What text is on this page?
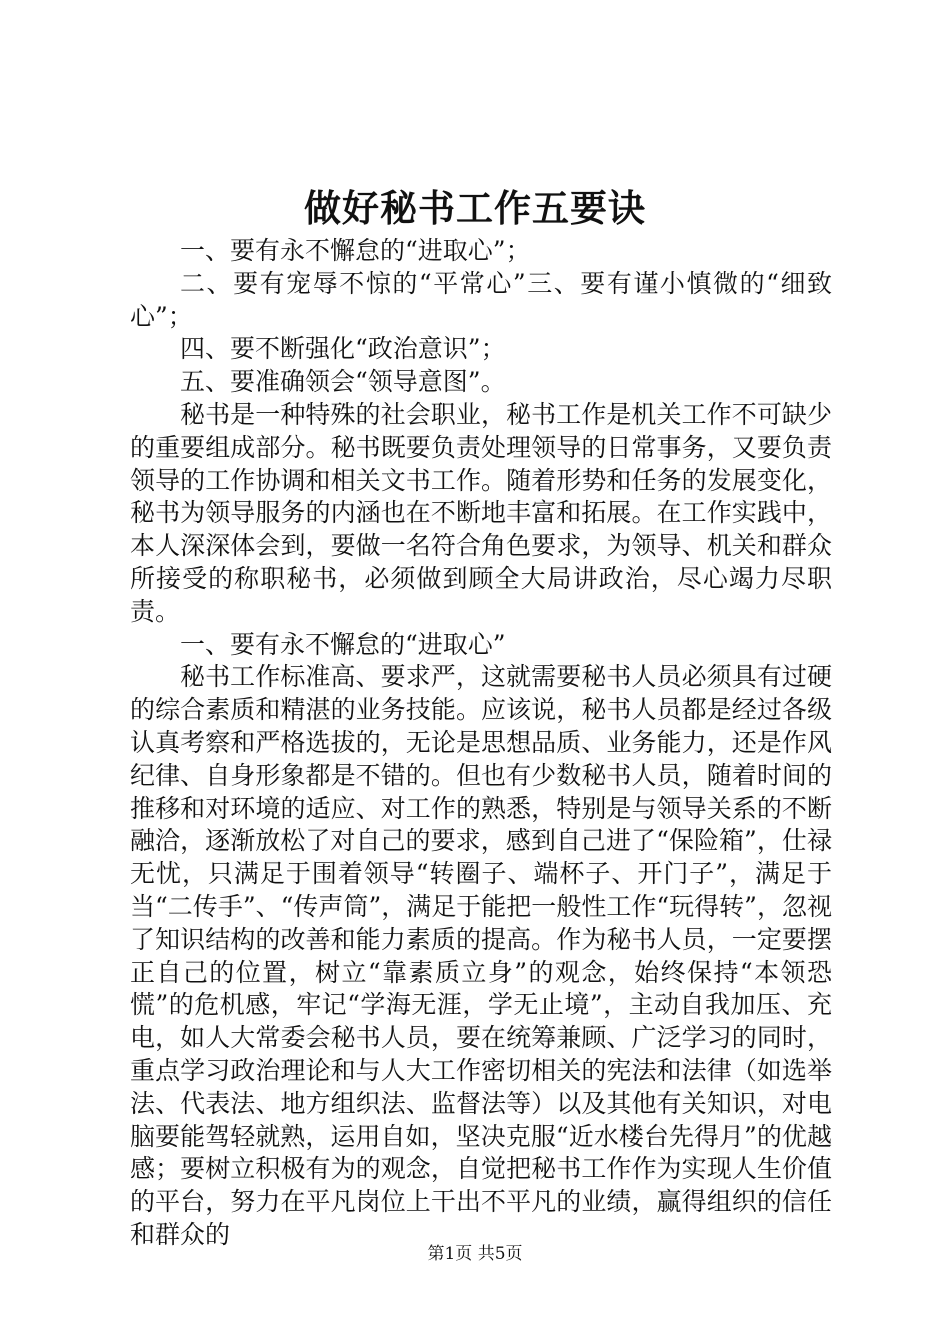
做好秘书工作五要诀

一、要有永不懈怠的“进取心”；

二、要有宠辱不惊的“平常心”三、要有谨小慎微的“细致心”；

四、要不断强化“政治意识”；

五、要准确领会“领导意图”。

秘书是一种特殊的社会职业，秘书工作是机关工作不可缺少的重要组成部分。秘书既要负责处理领导的日常事务，又要负责领导的工作协调和相关文书工作。随着形势和任务的发展变化，秘书为领导服务的内涵也在不断地丰富和拓展。在工作实践中，本人深深体会到，要做一名符合角色要求，为领导、机关和群众所接受的称职秘书，必须做到顾全大局讲政治，尽心竭力尽职责。

一、要有永不懈怠的“进取心”

秘书工作标准高、要求严，这就需要秘书人员必须具有过硬的综合素质和精湛的业务技能。应该说，秘书人员都是经过各级认真考察和严格选拔的，无论是思想品质、业务能力，还是作风纪律、自身形象都是不错的。但也有少数秘书人员，随着时间的推移和对环境的适应、对工作的熟悉，特别是与领导关系的不断融洽，逐渐放松了对自己的要求，感到自己进了“保险箱”，仕禄无忧，只满足于围着领导“转圈子、端杯子、开门子”，满足于当“二传手”、“传声筒”，满足于能把一般性工作“玩得转”，忽视了知识结构的改善和能力素质的提高。作为秘书人员，一定要摆正自己的位置，树立“靠素质立身”的观念，始终保持“本领恐慌”的危机感，牢记“学海无涯，学无止境”，主动自我加压、充电，如人大常委会秘书人员，要在统筹兼顾、广泛学习的同时，重点学习政治理论和与人大工作密切相关的宪法和法律（如选举法、代表法、地方组织法、监督法等）以及其他有关知识，对电脑要能驾轻就熟，运用自如，坚决克服“近水楼台先得月”的优越感；要树立积极有为的观念，自觉把秘书工作作为实现人生价值的平台，努力在平凡岗位上干出不平凡的业绩，赢得组织的信任和群众的

第1页 共5页
